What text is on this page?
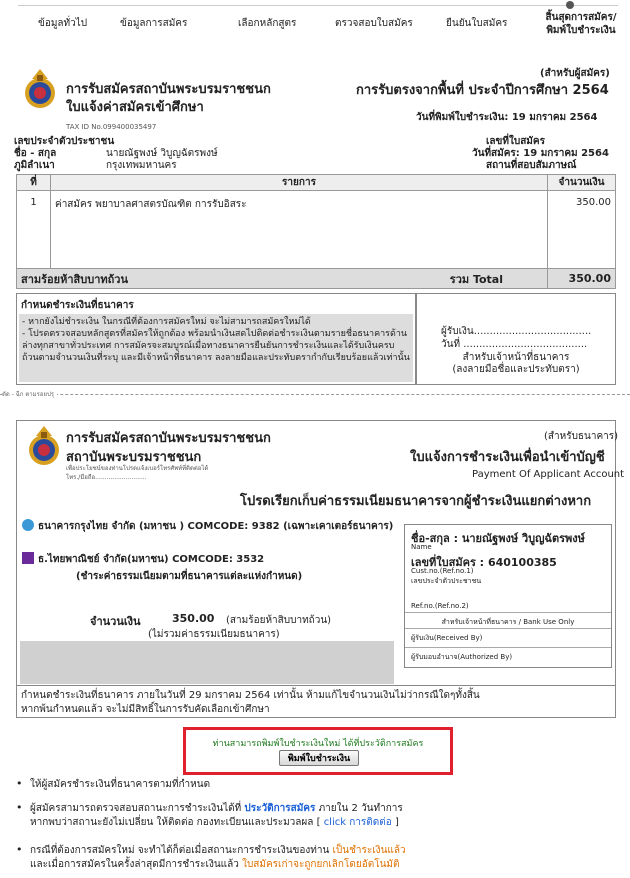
ข้อมูลทั่วไป	ข้อมูลการสมัคร	เลือกหลักสูตร	ตรวจสอบใบสมัคร	ยืนยันใบสมัคร
สิ้นสุดการสมัคร/
พิมพ์ใบชำระเงิน
การรับสมัครสถาบันพระบรมราชชนก
ใบแจ้งค่าสมัครเข้าศึกษา
(สำหรับผู้สมัคร)
การรับตรงจากพื้นที่ ประจำปีการศึกษา 2564
TAX ID No.099400035497
วันที่พิมพ์ใบชำระเงิน: 19 มกราคม 2564
เลขประจำตัวประชาชน
ชื่อ - สกุล	นายณัฐพงษ์ วิบูญฉัตรพงษ์
ภูมิลำเนา	กรุงเทพมหานคร
เลขที่ใบสมัคร
วันที่สมัคร: 19 มกราคม 2564
สถานที่สอบสัมภาษณ์
ที่	รายการ	จำนวนเงิน
1	ค่าสมัคร พยาบาลศาสตรบัณฑิต การรับอิสระ	350.00
สามร้อยห้าสิบบาทถ้วน รวม Total		350.00
กำหนดชำระเงินที่ธนาคาร
- หากยังไม่ชำระเงิน ในกรณีที่ต้องการสมัครใหม่ จะไม่สามารถสมัครใหม่ได้
- โปรดตรวจสอบหลักสูตรที่สมัครให้ถูกต้อง พร้อมนำเงินสดไปติดต่อชำระเงินตามรายชื่อธนาคารด้านล่างทุกสาขาทั่วประเทศ การสมัครจะสมบูรณ์เมื่อทางธนาคารยืนยันการชำระเงินและได้รับเงินครบถ้วนตามจำนวนเงินที่ระบุ และมีเจ้าหน้าที่ธนาคาร ลงลายมือและประทับตรากำกับเรียบร้อยแล้วเท่านั้น
ผู้รับเงิน.....................................
วันที่ .......................................
สำหรับเจ้าหน้าที่ธนาคาร
(ลงลายมือชื่อและประทับตรา)
ตัด - ฉีก ตามรอยปรุ
การรับสมัครสถาบันพระบรมราชชนก
สถาบันพระบรมราชชนก
เพื่อประโยชน์ของท่านโปรดแจ้งเบอร์โทรศัพท์ที่ติดต่อได้
โทร./มือถือ...........................
(สำหรับธนาคาร)
ใบแจ้งการชำระเงินเพื่อนำเข้าบัญชี
Payment Of Applicant Account
โปรดเรียกเก็บค่าธรรมเนียมธนาคารจากผู้ชำระเงินแยกต่างหาก
ธนาคารกรุงไทย จำกัด (มหาชน ) COMCODE: 9382 (เฉพาะเคาเตอร์ธนาคาร)
ธ.ไทยพาณิชย์ จำกัด(มหาชน) COMCODE: 3532
(ชำระค่าธรรมเนียมตามที่ธนาคารแต่ละแห่งกำหนด)
จำนวนเงิน	350.00 (สามร้อยห้าสิบบาทถ้วน)
(ไม่รวมค่าธรรมเนียมธนาคาร)
ชื่อ-สกุล : นายณัฐพงษ์ วิบูญฉัตรพงษ์
Name
เลขที่ใบสมัคร : 640100385
Cust.no.(Ref.no.1)
เลขประจำตัวประชาชน
Ref.no.(Ref.no.2)
สำหรับเจ้าหน้าที่ธนาคาร / Bank Use Only
ผู้รับเงิน(Received By)
ผู้รับมอบอำนาจ(Authorized By)
กำหนดชำระเงินที่ธนาคาร ภายในวันที่ 29 มกราคม 2564 เท่านั้น ห้ามแก้ไขจำนวนเงินไม่ว่ากรณีใดๆทั้งสิ้น
หากพ้นกำหนดแล้ว จะไม่มีสิทธิ์ในการรับคัดเลือกเข้าศึกษา
ท่านสามารถพิมพ์ใบชำระเงินใหม่ ได้ที่ประวัติการสมัคร
พิมพ์ใบชำระเงิน
• ให้ผู้สมัครชำระเงินที่ธนาคารตามที่กำหนด
• ผู้สมัครสามารถตรวจสอบสถานะการชำระเงินได้ที่ ประวัติการสมัคร ภายใน 2 วันทำการ
หากพบว่าสถานะยังไม่เปลี่ยน ให้ติดต่อ กองทะเบียนและประมวลผล [ click การติดต่อ ]
• กรณีที่ต้องการสมัครใหม่ จะทำได้ก็ต่อเมื่อสถานะการชำระเงินของท่าน เป็นชำระเงินแล้ว
และเมื่อการสมัครในครั้งล่าสุดมีการชำระเงินแล้ว ใบสมัครเก่าจะถูกยกเลิกโดยอัตโนมัติ
